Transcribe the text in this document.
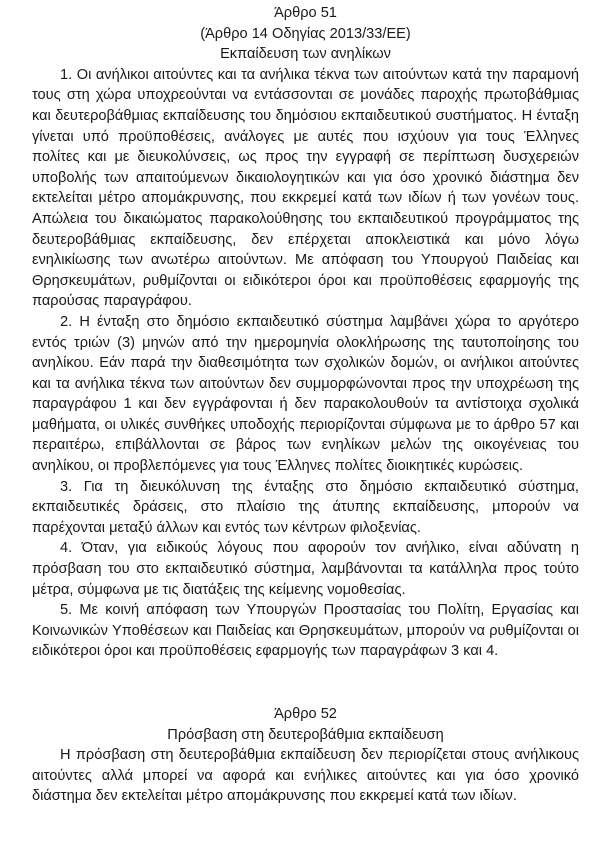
Άρθρο 51

(Άρθρο 14 Οδηγίας 2013/33/ΕΕ)

Εκπαίδευση των ανηλίκων

1. Οι ανήλικοι αιτούντες και τα ανήλικα τέκνα των αιτούντων κατά την παραμονή τους στη χώρα υποχρεούνται να εντάσσονται σε μονάδες παροχής πρωτοβάθμιας και δευτεροβάθμιας εκπαίδευσης του δημόσιου εκπαιδευτικού συστήματος. Η ένταξη γίνεται υπό προϋποθέσεις, ανάλογες με αυτές που ισχύουν για τους Έλληνες πολίτες και με διευκολύνσεις, ως προς την εγγραφή σε περίπτωση δυσχερειών υποβολής των απαιτούμενων δικαιολογητικών και για όσο χρονικό διάστημα δεν εκτελείται μέτρο απομάκρυνσης, που εκκρεμεί κατά των ιδίων ή των γονέων τους. Απώλεια του δικαιώματος παρακολούθησης του εκπαιδευτικού προγράμματος της δευτεροβάθμιας εκπαίδευσης, δεν επέρχεται αποκλειστικά και μόνο λόγω ενηλικίωσης των ανωτέρω αιτούντων. Με απόφαση του Υπουργού Παιδείας και Θρησκευμάτων, ρυθμίζονται οι ειδικότεροι όροι και προϋποθέσεις εφαρμογής της παρούσας παραγράφου.

2. Η ένταξη στο δημόσιο εκπαιδευτικό σύστημα λαμβάνει χώρα το αργότερο εντός τριών (3) μηνών από την ημερομηνία ολοκλήρωσης της ταυτοποίησης του ανηλίκου. Εάν παρά την διαθεσιμότητα των σχολικών δομών, οι ανήλικοι αιτούντες και τα ανήλικα τέκνα των αιτούντων δεν συμμορφώνονται προς την υποχρέωση της παραγράφου 1 και δεν εγγράφονται ή δεν παρακολουθούν τα αντίστοιχα σχολικά μαθήματα, οι υλικές συνθήκες υποδοχής περιορίζονται σύμφωνα με το άρθρο 57 και περαιτέρω, επιβάλλονται σε βάρος των ενηλίκων μελών της οικογένειας του ανηλίκου, οι προβλεπόμενες για τους Έλληνες πολίτες διοικητικές κυρώσεις.

3. Για τη διευκόλυνση της ένταξης στο δημόσιο εκπαιδευτικό σύστημα, εκπαιδευτικές δράσεις, στο πλαίσιο της άτυπης εκπαίδευσης, μπορούν να παρέχονται μεταξύ άλλων και εντός των κέντρων φιλοξενίας.

4. Όταν, για ειδικούς λόγους που αφορούν τον ανήλικο, είναι αδύνατη η πρόσβαση του στο εκπαιδευτικό σύστημα, λαμβάνονται τα κατάλληλα προς τούτο μέτρα, σύμφωνα με τις διατάξεις της κείμενης νομοθεσίας.

5. Με κοινή απόφαση των Υπουργών Προστασίας του Πολίτη, Εργασίας και Κοινωνικών Υποθέσεων και Παιδείας και Θρησκευμάτων, μπορούν να ρυθμίζονται οι ειδικότεροι όροι και προϋποθέσεις εφαρμογής των παραγράφων 3 και 4.

Άρθρο 52

Πρόσβαση στη δευτεροβάθμια εκπαίδευση

Η πρόσβαση στη δευτεροβάθμια εκπαίδευση δεν περιορίζεται στους ανήλικους αιτούντες αλλά μπορεί να αφορά και ενήλικες αιτούντες και για όσο χρονικό διάστημα δεν εκτελείται μέτρο απομάκρυνσης που εκκρεμεί κατά των ιδίων.
